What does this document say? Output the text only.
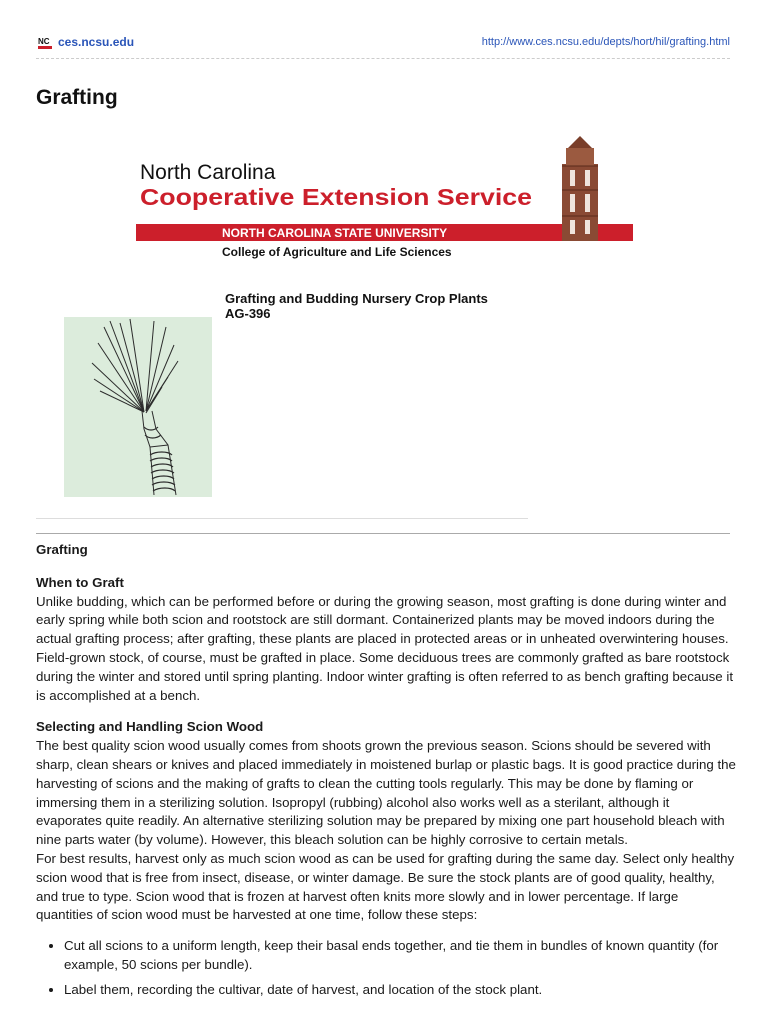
NC ces.ncsu.edu	http://www.ces.ncsu.edu/depts/hort/hil/grafting.html
Grafting
North Carolina
Cooperative Extension Service
NORTH CAROLINA STATE UNIVERSITY
College of Agriculture and Life Sciences
Grafting and Budding Nursery Crop Plants
AG-396
Grafting
When to Graft

Unlike budding, which can be performed before or during the growing season, most grafting is done during winter and early spring while both scion and rootstock are still dormant. Containerized plants may be moved indoors during the actual grafting process; after grafting, these plants are placed in protected areas or in unheated overwintering houses. Field-grown stock, of course, must be grafted in place. Some deciduous trees are commonly grafted as bare rootstock during the winter and stored until spring planting. Indoor winter grafting is often referred to as bench grafting because it is accomplished at a bench.

Selecting and Handling Scion Wood

The best quality scion wood usually comes from shoots grown the previous season. Scions should be severed with sharp, clean shears or knives and placed immediately in moistened burlap or plastic bags. It is good practice during the harvesting of scions and the making of grafts to clean the cutting tools regularly. This may be done by flaming or immersing them in a sterilizing solution. Isopropyl (rubbing) alcohol also works well as a sterilant, although it evaporates quite readily. An alternative sterilizing solution may be prepared by mixing one part household bleach with nine parts water (by volume). However, this bleach solution can be highly corrosive to certain metals.

For best results, harvest only as much scion wood as can be used for grafting during the same day. Select only healthy scion wood that is free from insect, disease, or winter damage. Be sure the stock plants are of good quality, healthy, and true to type. Scion wood that is frozen at harvest often knits more slowly and in lower percentage. If large quantities of scion wood must be harvested at one time, follow these steps:

• Cut all scions to a uniform length, keep their basal ends together, and tie them in bundles of known quantity (for example, 50 scions per bundle).
• Label them, recording the cultivar, date of harvest, and location of the stock plant.
